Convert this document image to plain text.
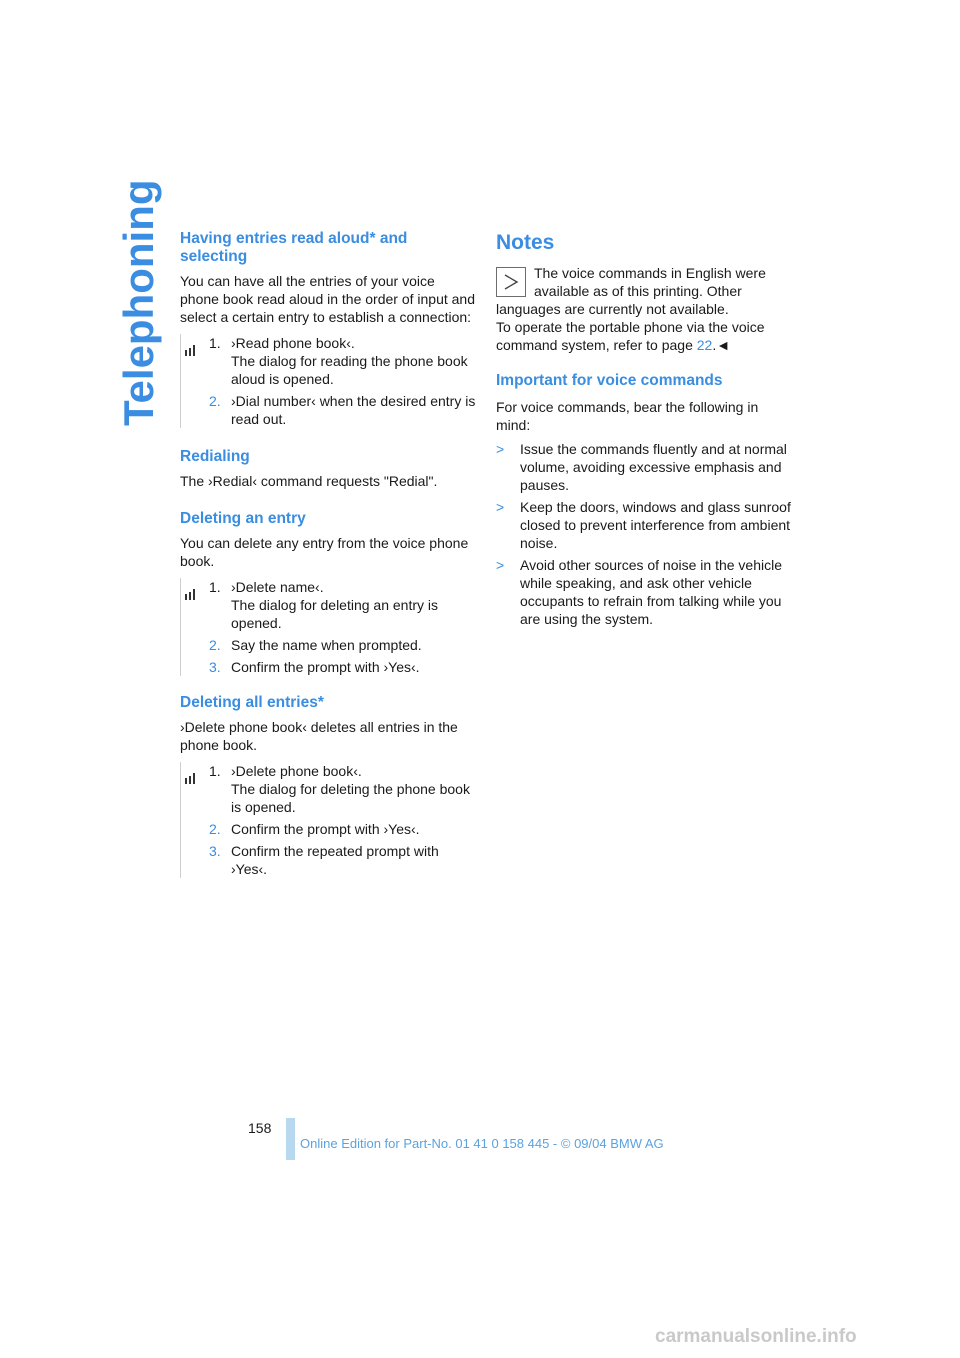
Telephoning Having entries read aloud* and selecting

You can have all the entries of your voice phone book read aloud in the order of input and select a certain entry to establish a connection:

1. ›Read phone book‹.
The dialog for reading the phone book aloud is opened.
2. ›Dial number‹ when the desired entry is read out.
Redialing

The ›Redial‹ command requests "Redial".

Deleting an entry

You can delete any entry from the voice phone book.

1. ›Delete name‹.
The dialog for deleting an entry is opened.
2. Say the name when prompted.
3. Confirm the prompt with ›Yes‹.
Deleting all entries*

›Delete phone book‹ deletes all entries in the phone book.

1. ›Delete phone book‹.
The dialog for deleting the phone book is opened.
2. Confirm the prompt with ›Yes‹.
3. Confirm the repeated prompt with ›Yes‹.
Notes

The voice commands in English were available as of this printing. Other languages are currently not available.

To operate the portable phone via the voice command system, refer to page 22.◄

Important for voice commands

For voice commands, bear the following in mind:

>	Issue the commands fluently and at normal volume, avoiding excessive emphasis and pauses.
>	Keep the doors, windows and glass sunroof closed to prevent interference from ambient noise.
>	Avoid other sources of noise in the vehicle while speaking, and ask other vehicle occupants to refrain from talking while you are using the system.
158
Online Edition for Part-No. 01 41 0 158 445 - © 09/04 BMW AG
carmanualsonline.info
